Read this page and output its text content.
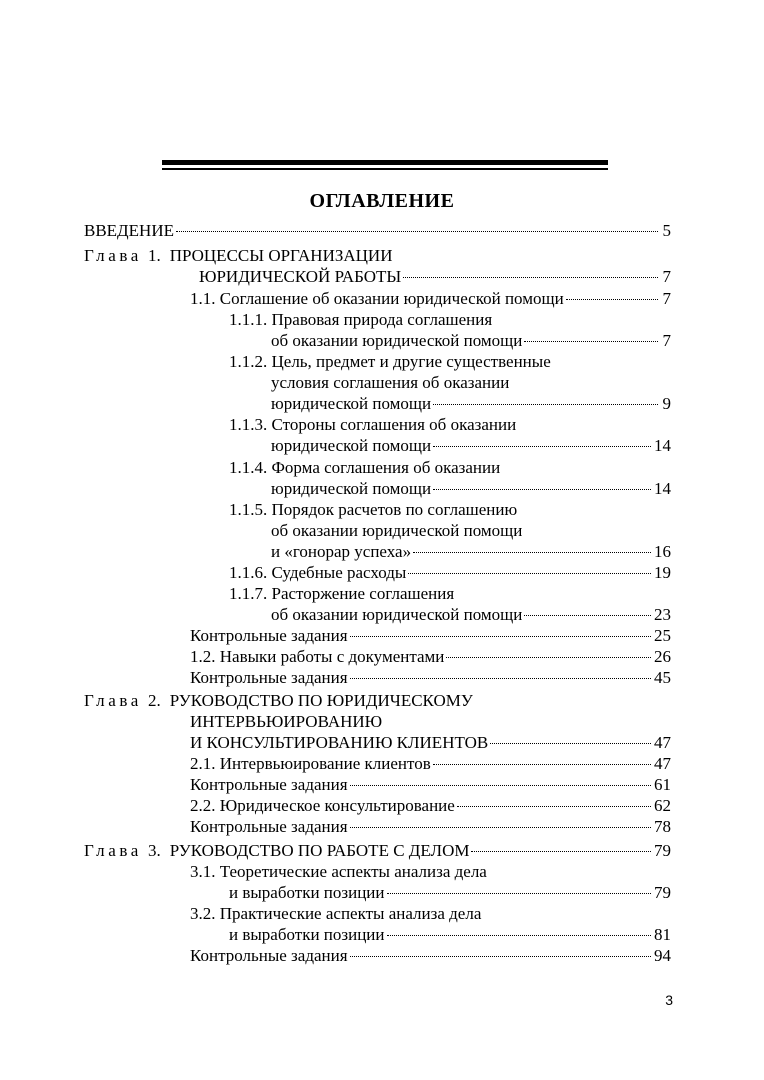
ОГЛАВЛЕНИЕ
ВВЕДЕНИЕ	5
Глава 1. ПРОЦЕССЫ ОРГАНИЗАЦИИ
ЮРИДИЧЕСКОЙ РАБОТЫ	7
1.1. Соглашение об оказании юридической помощи	7
1.1.1. Правовая природа соглашения
об оказании юридической помощи	7
1.1.2. Цель, предмет и другие существенные
условия соглашения об оказании
юридической помощи	9
1.1.3. Стороны соглашения об оказании
юридической помощи	14
1.1.4. Форма соглашения об оказании
юридической помощи	14
1.1.5. Порядок расчетов по соглашению
об оказании юридической помощи
и «гонорар успеха»	16
1.1.6. Судебные расходы	19
1.1.7. Расторжение соглашения
об оказании юридической помощи	23
Контрольные задания	25
1.2. Навыки работы с документами	26
Контрольные задания	45
Глава 2. РУКОВОДСТВО ПО ЮРИДИЧЕСКОМУ
ИНТЕРВЬЮИРОВАНИЮ
И КОНСУЛЬТИРОВАНИЮ КЛИЕНТОВ	47
2.1. Интервьюирование клиентов	47
Контрольные задания	61
2.2. Юридическое консультирование	62
Контрольные задания	78
Глава 3. РУКОВОДСТВО ПО РАБОТЕ С ДЕЛОМ	79
3.1. Теоретические аспекты анализа дела
и выработки позиции	79
3.2. Практические аспекты анализа дела
и выработки позиции	81
Контрольные задания	94
3
